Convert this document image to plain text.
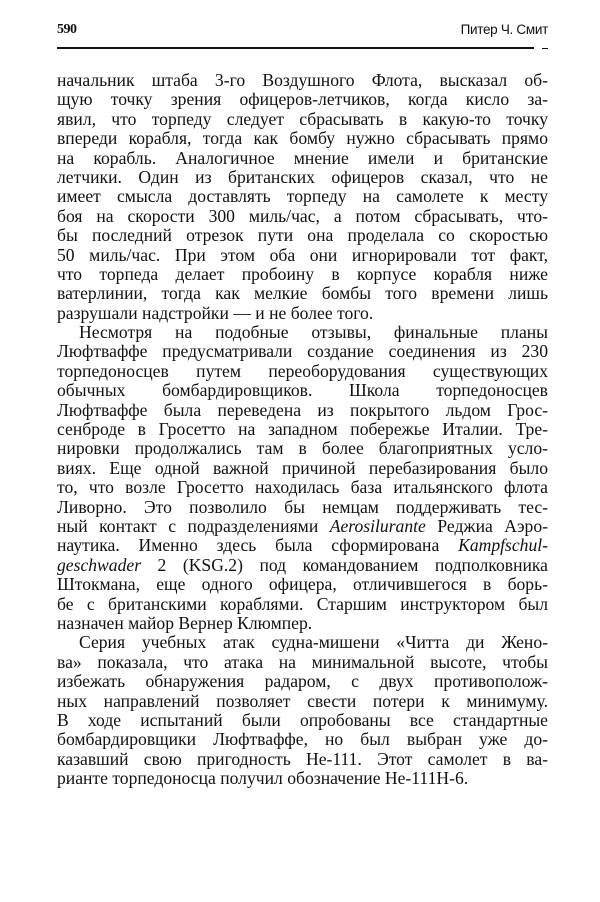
590	Питер Ч. Смит
начальник штаба 3-го Воздушного Флота, высказал об-
щую точку зрения офицеров-летчиков, когда кисло за-
явил, что торпеду следует сбрасывать в какую-то точку
впереди корабля, тогда как бомбу нужно сбрасывать прямо
на корабль. Аналогичное мнение имели и британские
летчики. Один из британских офицеров сказал, что не
имеет смысла доставлять торпеду на самолете к месту
боя на скорости 300 миль/час, а потом сбрасывать, что-
бы последний отрезок пути она проделала со скоростью
50 миль/час. При этом оба они игнорировали тот факт,
что торпеда делает пробоину в корпусе корабля ниже
ватерлинии, тогда как мелкие бомбы того времени лишь
разрушали надстройки — и не более того.
Несмотря на подобные отзывы, финальные планы
Люфтваффе предусматривали создание соединения из 230
торпедоносцев путем переоборудования существующих
обычных бомбардировщиков. Школа торпедоносцев
Люфтваффе была переведена из покрытого льдом Грос-
сенброде в Гросетто на западном побережье Италии. Тре-
нировки продолжались там в более благоприятных усло-
виях. Еще одной важной причиной перебазирования было
то, что возле Гросетто находилась база итальянского флота
Ливорно. Это позволило бы немцам поддерживать тес-
ный контакт с подразделениями Aerosilurante Реджиа Аэро-
наутика. Именно здесь была сформирована Kampfschul-
geschwader 2 (KSG.2) под командованием подполковника
Штокмана, еще одного офицера, отличившегося в борь-
бе с британскими кораблями. Старшим инструктором был
назначен майор Вернер Клюмпер.
Серия учебных атак судна-мишени «Читта ди Жено-
ва» показала, что атака на минимальной высоте, чтобы
избежать обнаружения радаром, с двух противополож-
ных направлений позволяет свести потери к минимуму.
В ходе испытаний были опробованы все стандартные
бомбардировщики Люфтваффе, но был выбран уже до-
казавший свою пригодность Не-111. Этот самолет в ва-
рианте торпедоносца получил обозначение Не-111Н-6.
